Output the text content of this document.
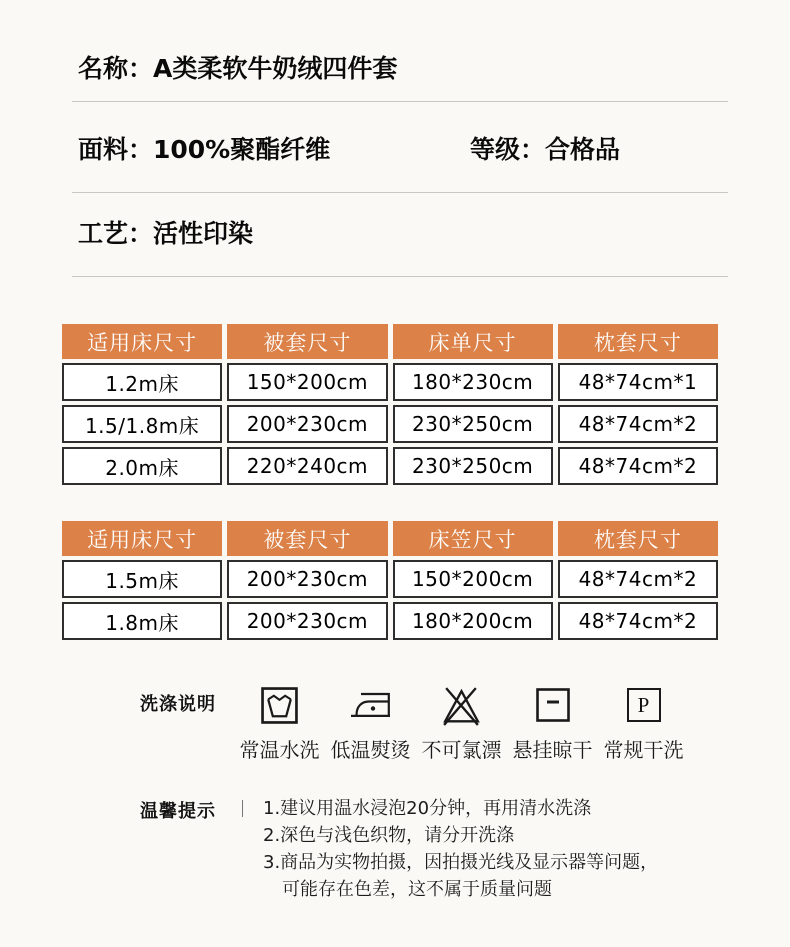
名称：A类柔软牛奶绒四件套
面料：100%聚酯纤维	等级：合格品
工艺：活性印染
适用床尺寸	被套尺寸	床单尺寸	枕套尺寸
1.2m床	150*200cm	180*230cm	48*74cm*1
1.5/1.8m床	200*230cm	230*250cm	48*74cm*2
2.0m床	220*240cm	230*250cm	48*74cm*2
适用床尺寸	被套尺寸	床笠尺寸	枕套尺寸
1.5m床	200*230cm	150*200cm	48*74cm*2
1.8m床	200*230cm	180*200cm	48*74cm*2
洗涤说明
常温水洗 低温熨烫 不可氯漂 悬挂晾干
P
常规干洗
温馨提示	1.建议用温水浸泡20分钟，再用清水洗涤
2.深色与浅色织物，请分开洗涤
3.商品为实物拍摄，因拍摄光线及显示器等问题，
可能存在色差，这不属于质量问题
